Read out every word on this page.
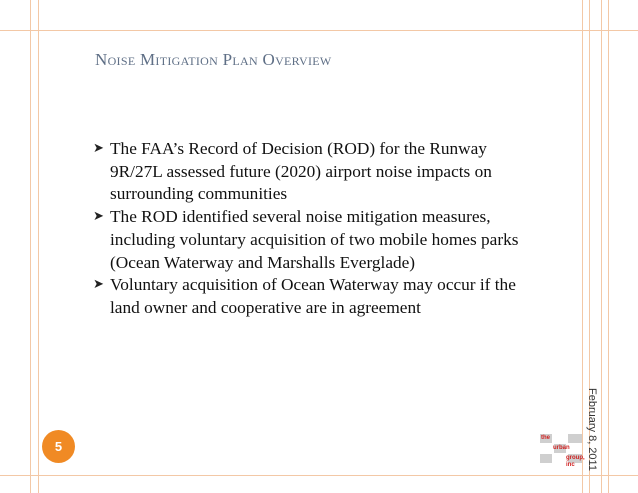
Noise Mitigation Plan Overview
➤ The FAA’s Record of Decision (ROD) for the Runway 9R/27L assessed future (2020) airport noise impacts on surrounding communities
➤ The ROD identified several noise mitigation measures, including voluntary acquisition of two mobile homes parks (Ocean Waterway and Marshalls Everglade)
➤ Voluntary acquisition of Ocean Waterway may occur if the land owner and cooperative are in agreement
February 8, 2011
5
the
urban
group, inc
